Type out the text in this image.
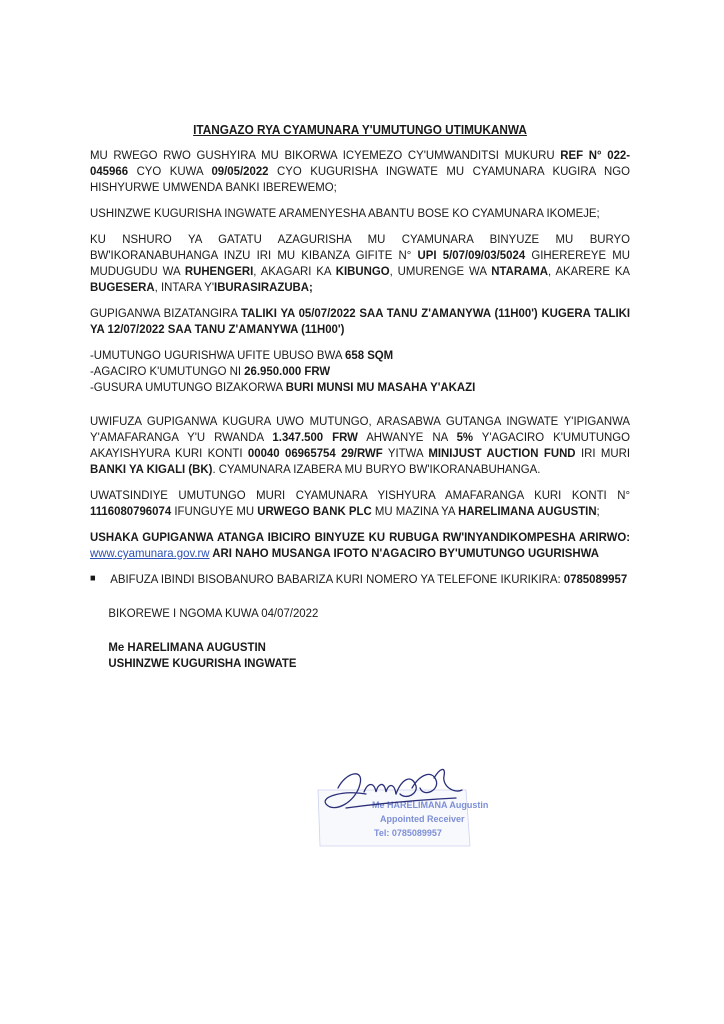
ITANGAZO RYA CYAMUNARA Y'UMUTUNGO UTIMUKANWA

MU RWEGO RWO GUSHYIRA MU BIKORWA ICYEMEZO CY'UMWANDITSI MUKURU REF N° 022-045966 CYO KUWA 09/05/2022 CYO KUGURISHA INGWATE MU CYAMUNARA KUGIRA NGO HISHYURWE UMWENDA BANKI IBEREWEMO;

USHINZWE KUGURISHA INGWATE ARAMENYESHA ABANTU BOSE KO CYAMUNARA IKOMEJE;

KU NSHURO YA GATATU AZAGURISHA MU CYAMUNARA BINYUZE MU BURYO BW'IKORANABUHANGA INZU IRI MU KIBANZA GIFITE N° UPI 5/07/09/03/5024 GIHEREREYE MU MUDUGUDU WA RUHENGERI, AKAGARI KA KIBUNGO, UMURENGE WA NTARAMA, AKARERE KA BUGESERA, INTARA Y'IBURASIRAZUBA;

GUPIGANWA BIZATANGIRA TALIKI YA 05/07/2022 SAA TANU Z'AMANYWA (11H00') KUGERA TALIKI YA 12/07/2022 SAA TANU Z'AMANYWA (11H00')

-UMUTUNGO UGURISHWA UFITE UBUSO BWA 658 SQM
-AGACIRO K'UMUTUNGO NI 26.950.000 FRW
-GUSURA UMUTUNGO BIZAKORWA BURI MUNSI MU MASAHA Y'AKAZI

UWIFUZA GUPIGANWA KUGURA UWO MUTUNGO, ARASABWA GUTANGA INGWATE Y'IPIGANWA Y'AMAFARANGA Y'U RWANDA 1.347.500 FRW AHWANYE NA 5% Y'AGACIRO K'UMUTUNGO AKAYISHYURA KURI KONTI 00040 06965754 29/RWF YITWA MINIJUST AUCTION FUND IRI MURI BANKI YA KIGALI (BK). CYAMUNARA IZABERA MU BURYO BW'IKORANABUHANGA.

UWATSINDIYE UMUTUNGO MURI CYAMUNARA YISHYURA AMAFARANGA KURI KONTI N° 1116080796074 IFUNGUYE MU URWEGO BANK PLC MU MAZINA YA HARELIMANA AUGUSTIN;

USHAKA GUPIGANWA ATANGA IBICIRO BINYUZE KU RUBUGA RW'INYANDIKOMPESHA ARIRWO: www.cyamunara.gov.rw ARI NAHO MUSANGA IFOTO N'AGACIRO BY'UMUTUNGO UGURISHWA

■	ABIFUZA IBINDI BISOBANURO BABARIZA KURI NOMERO YA TELEFONE IKURIKIRA: 0785089957

BIKOREWE I NGOMA KUWA 04/07/2022
Me HARELIMANA AUGUSTIN
USHINZWE KUGURISHA INGWATE
Me HARELIMANA Augustin
Appointed Receiver
Tel: 0785089957
